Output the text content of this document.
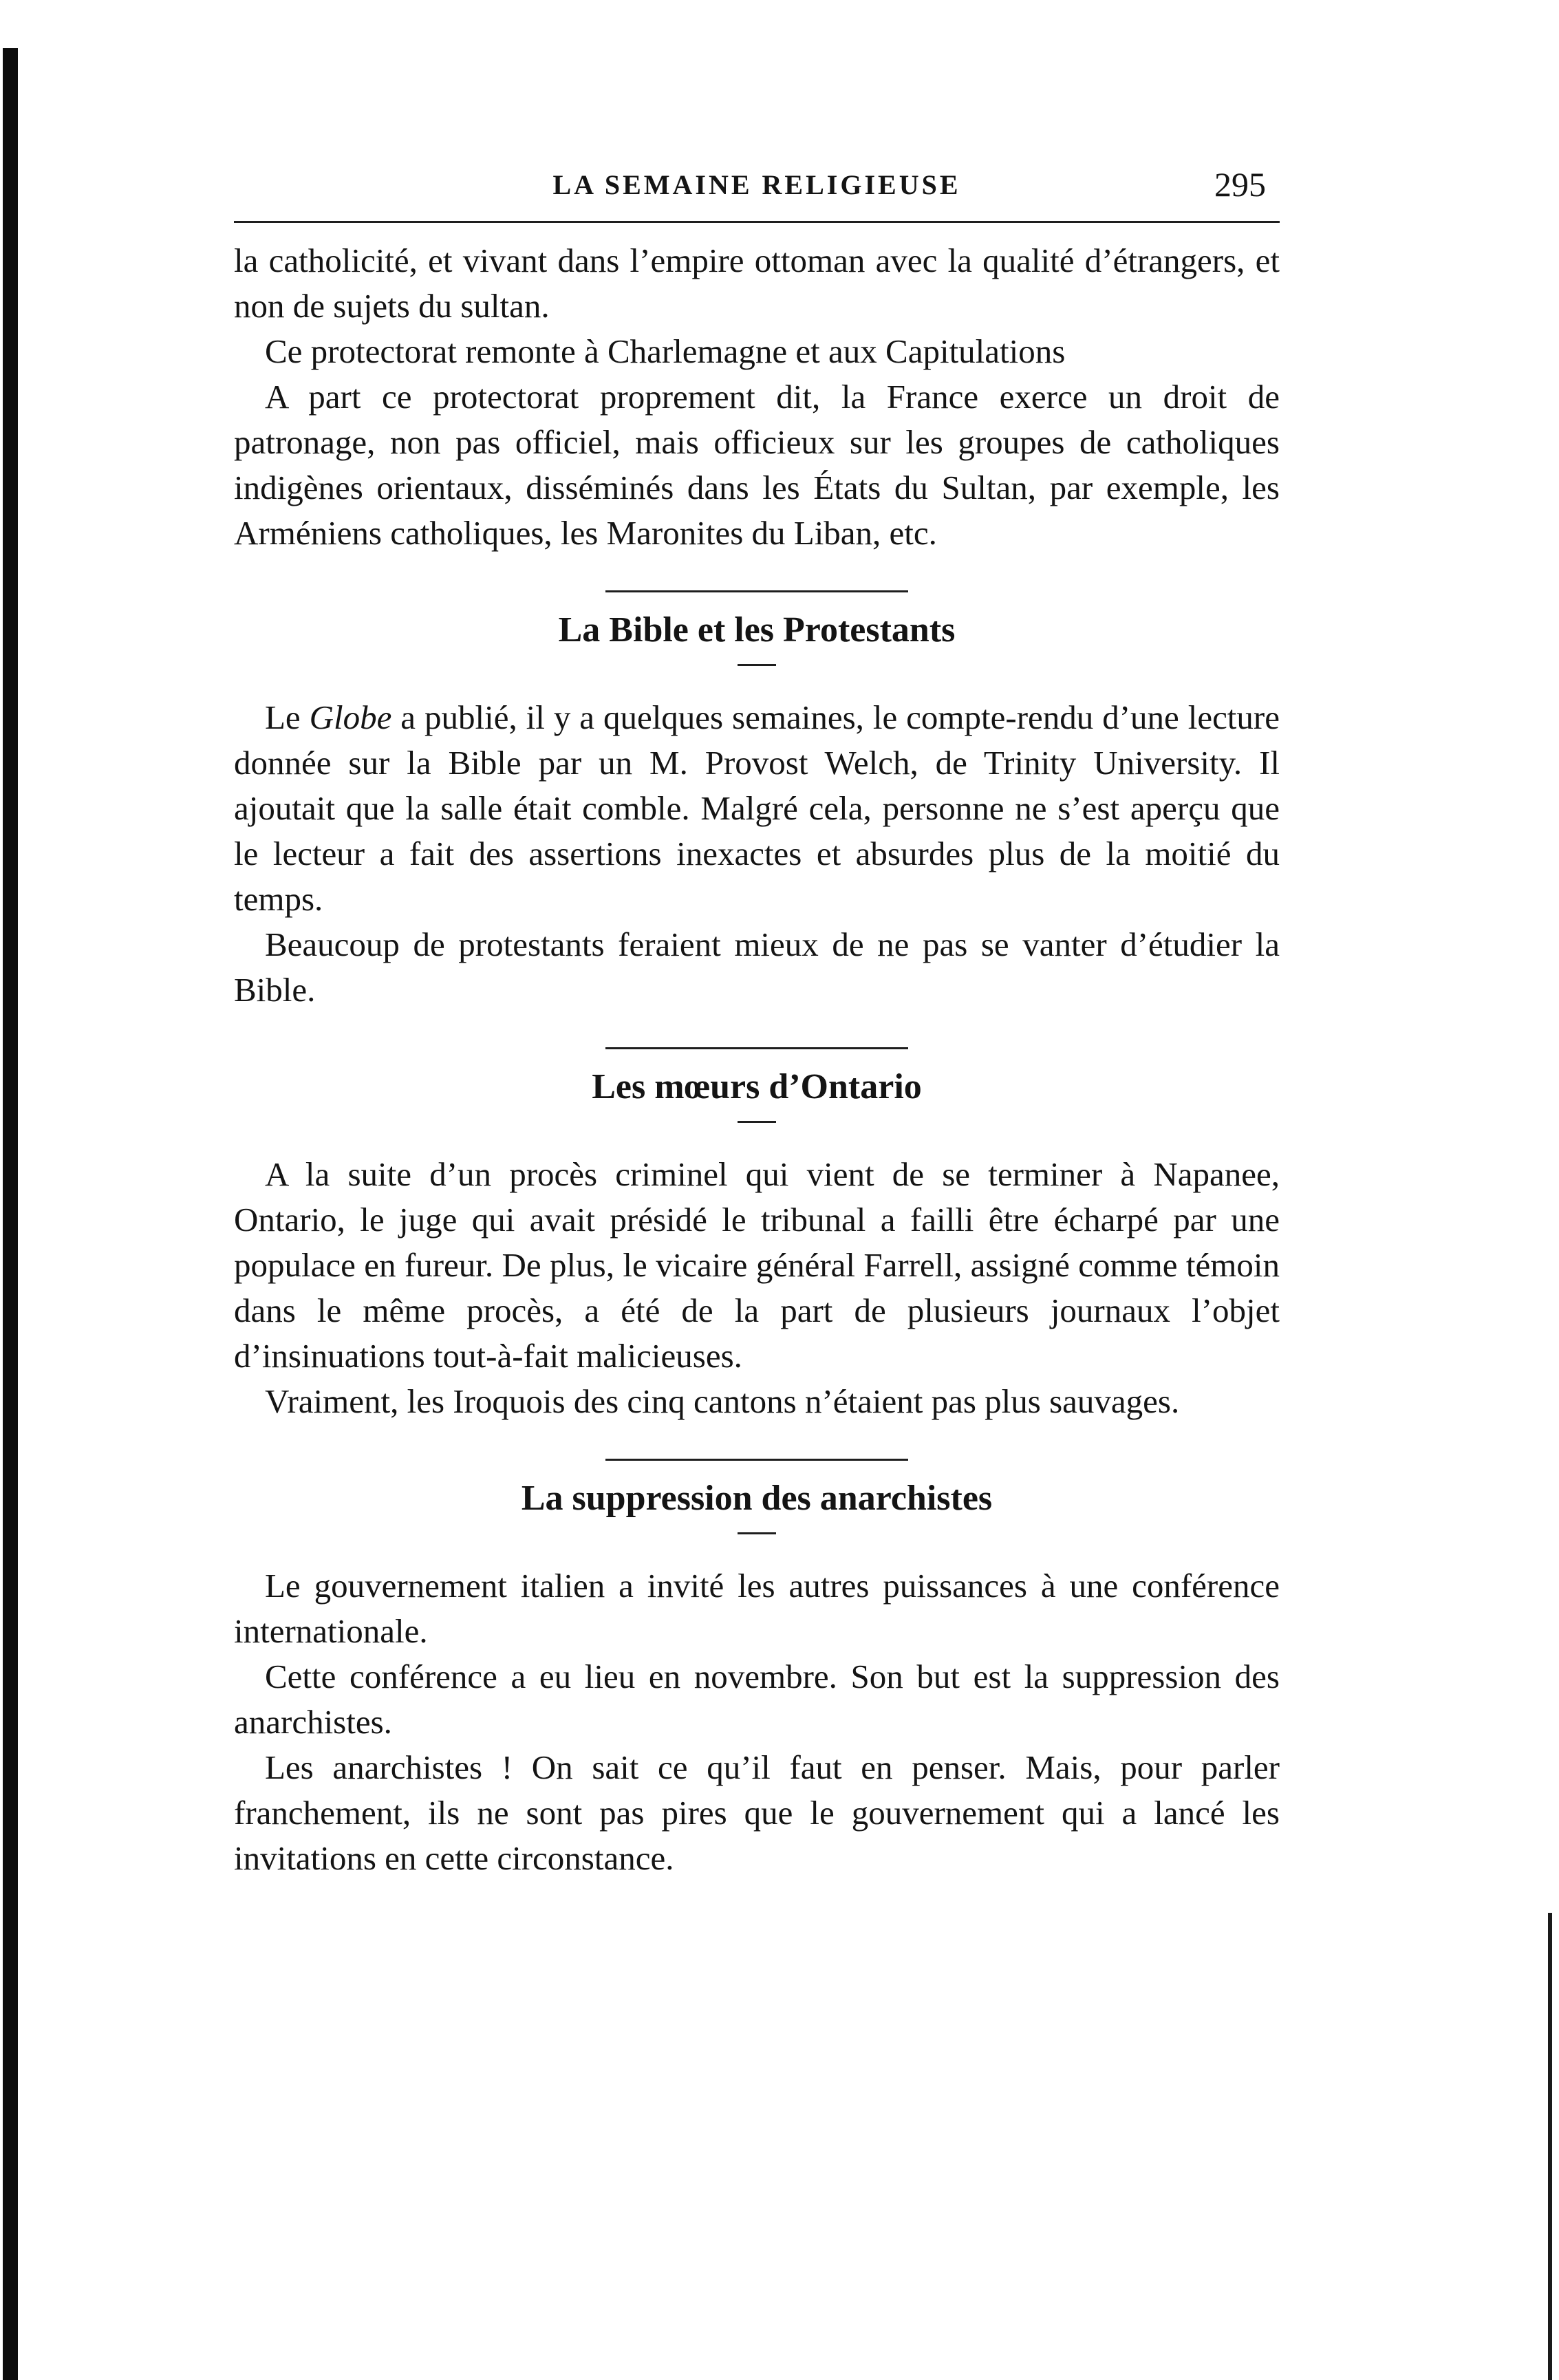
LA SEMAINE RELIGIEUSE	295

la catholicité, et vivant dans l’empire ottoman avec la qualité d’étrangers, et non de sujets du sultan.

Ce protectorat remonte à Charlemagne et aux Capitulations

A part ce protectorat proprement dit, la France exerce un droit de patronage, non pas officiel, mais officieux sur les groupes de catholiques indigènes orientaux, disséminés dans les États du Sultan, par exemple, les Arméniens catholiques, les Maronites du Liban, etc.

La Bible et les Protestants

Le Globe a publié, il y a quelques semaines, le compte-rendu d’une lecture donnée sur la Bible par un M. Provost Welch, de Trinity University. Il ajoutait que la salle était comble. Malgré cela, personne ne s’est aperçu que le lecteur a fait des assertions inexactes et absurdes plus de la moitié du temps.

Beaucoup de protestants feraient mieux de ne pas se vanter d’étudier la Bible.

Les mœurs d’Ontario

A la suite d’un procès criminel qui vient de se terminer à Napanee, Ontario, le juge qui avait présidé le tribunal a failli être écharpé par une populace en fureur. De plus, le vicaire général Farrell, assigné comme témoin dans le même procès, a été de la part de plusieurs journaux l’objet d’insinuations tout-à-fait malicieuses.

Vraiment, les Iroquois des cinq cantons n’étaient pas plus sauvages.

La suppression des anarchistes

Le gouvernement italien a invité les autres puissances à une conférence internationale.

Cette conférence a eu lieu en novembre. Son but est la suppression des anarchistes.

Les anarchistes ! On sait ce qu’il faut en penser. Mais, pour parler franchement, ils ne sont pas pires que le gouvernement qui a lancé les invitations en cette circonstance.
